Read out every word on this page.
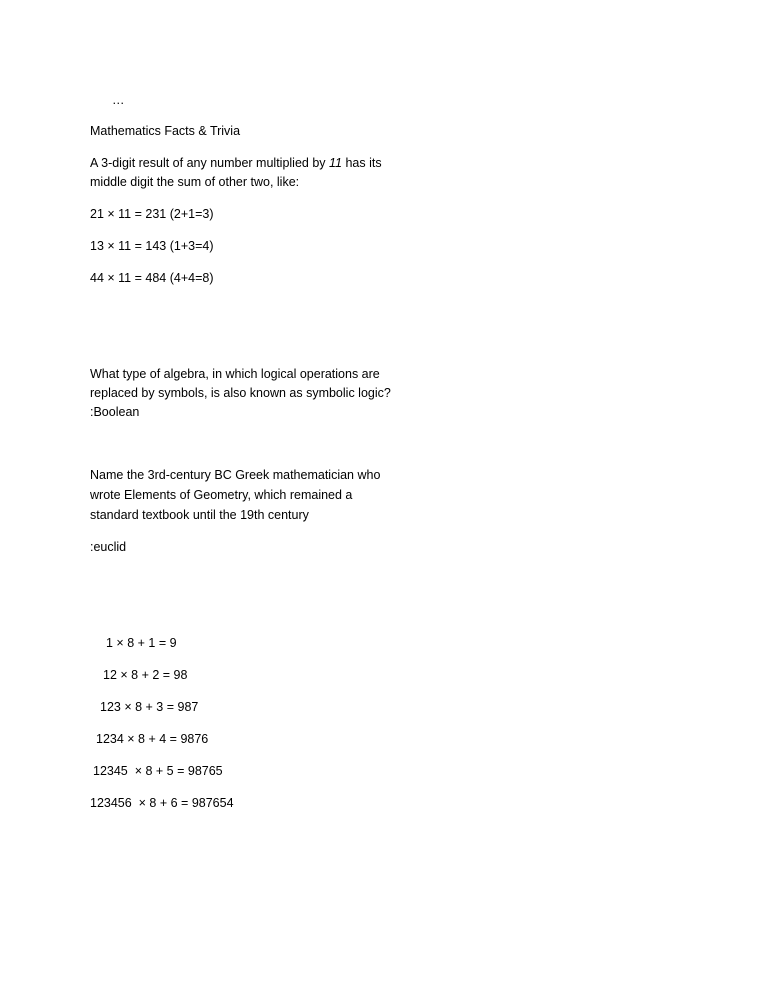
…
Mathematics Facts & Trivia
A 3-digit result of any number multiplied by 11 has its
middle digit the sum of other two, like:
21 × 11 = 231 (2+1=3)
13 × 11 = 143 (1+3=4)
44 × 11 = 484 (4+4=8)
What type of algebra, in which logical operations are
replaced by symbols, is also known as symbolic logic?
:Boolean
Name the 3rd-century BC Greek mathematician who
wrote Elements of Geometry, which remained a
standard textbook until the 19th century
:euclid
1 × 8 + 1 = 9
12 × 8 + 2 = 98
123 × 8 + 3 = 987
1234 × 8 + 4 = 9876
12345  × 8 + 5 = 98765
123456  × 8 + 6 = 987654
